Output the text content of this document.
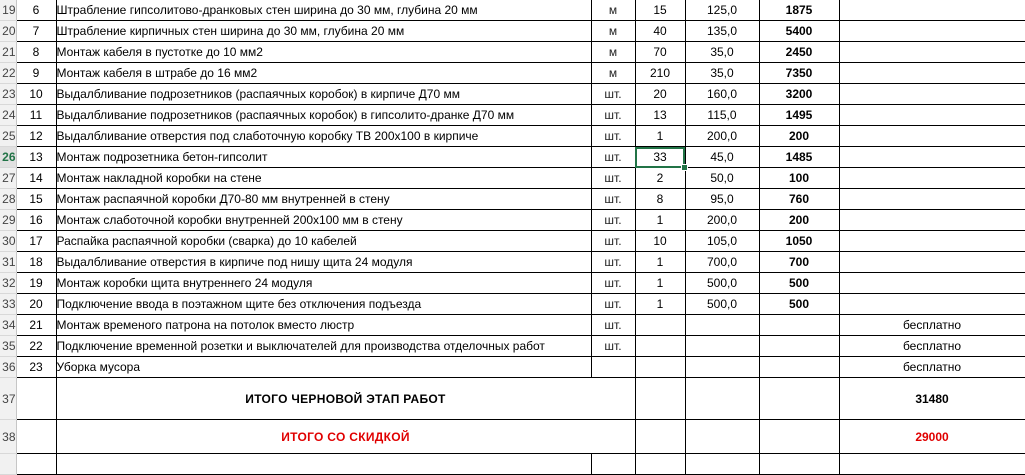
19	6	Штрабление гипсолитово-дранковых стен ширина до 30 мм, глубина 20 мм	м	15	125,0	1875	
20	7	Штрабление кирпичных стен ширина до 30 мм, глубина 20 мм	м	40	135,0	5400	
21	8	Монтаж кабеля в пустотке до 10 мм2	м	70	35,0	2450	
22	9	Монтаж кабеля в штрабе до 16 мм2	м	210	35,0	7350	
23	10	Выдалбливание подрозетников (распаячных коробок) в кирпиче Д70 мм	шт.	20	160,0	3200	
24	11	Выдалбливание подрозетников (распаячных коробок) в гипсолито-дранке Д70 мм	шт.	13	115,0	1495	
25	12	Выдалбливание отверстия под слаботочную коробку ТВ 200х100 в кирпиче	шт.	1	200,0	200	
26	13	Монтаж подрозетника бетон-гипсолит	шт.	33	45,0	1485	
27	14	Монтаж накладной коробки на стене	шт.	2	50,0	100	
28	15	Монтаж распаячной коробки Д70-80 мм внутренней в стену	шт.	8	95,0	760	
29	16	Монтаж слаботочной коробки внутренней 200х100 мм в стену	шт.	1	200,0	200	
30	17	Распайка распаячной коробки (сварка) до 10 кабелей	шт.	10	105,0	1050	
31	18	Выдалбливание отверстия в кирпиче под нишу щита 24 модуля	шт.	1	700,0	700	
32	19	Монтаж коробки щита внутреннего 24 модуля	шт.	1	500,0	500	
33	20	Подключение ввода в поэтажном щите без отключения подъезда	шт.	1	500,0	500	
34	21	Монтаж временого патрона на потолок вместо люстр	шт.				бесплатно
35	22	Подключение временной розетки и выключателей для производства отделочных работ	шт.				бесплатно
36	23	Уборка мусора					бесплатно
37		ИТОГО ЧЕРНОВОЙ ЭТАП РАБОТ					31480
38		ИТОГО СО СКИДКОЙ					29000
